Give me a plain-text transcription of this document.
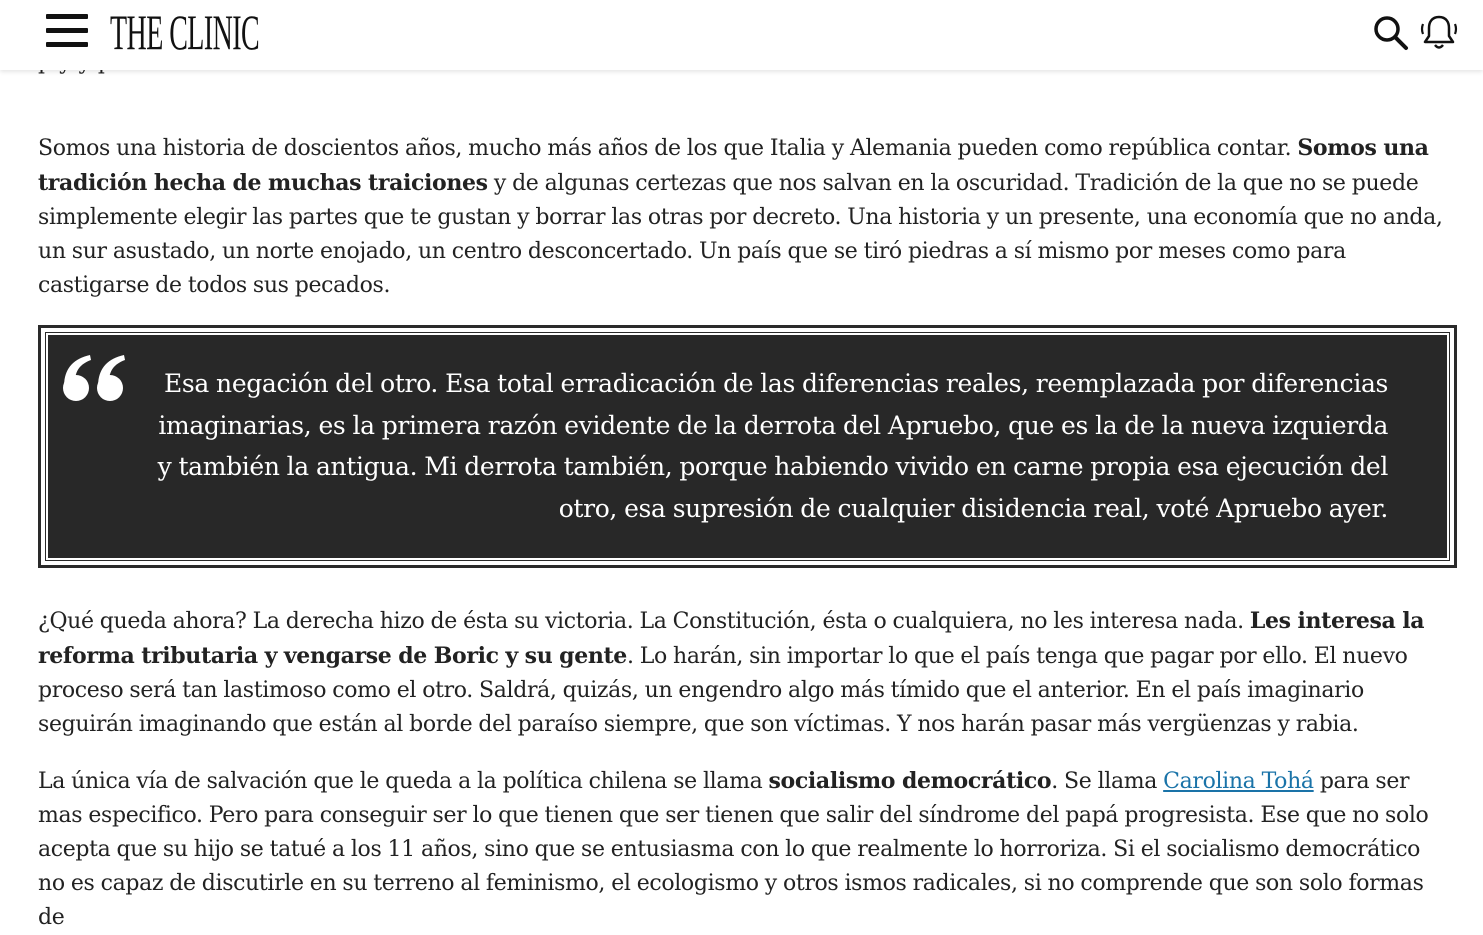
THE CLINIC

Somos una historia de doscientos años, mucho más años de los que Italia y Alemania pueden como república contar. Somos una tradición hecha de muchas traiciones y de algunas certezas que nos salvan en la oscuridad. Tradición de la que no se puede simplemente elegir las partes que te gustan y borrar las otras por decreto. Una historia y un presente, una economía que no anda, un sur asustado, un norte enojado, un centro desconcertado. Un país que se tiró piedras a sí mismo por meses como para castigarse de todos sus pecados.

Esa negación del otro. Esa total erradicación de las diferencias reales, reemplazada por diferencias imaginarias, es la primera razón evidente de la derrota del Apruebo, que es la de la nueva izquierda y también la antigua. Mi derrota también, porque habiendo vivido en carne propia esa ejecución del otro, esa supresión de cualquier disidencia real, voté Apruebo ayer.

¿Qué queda ahora? La derecha hizo de ésta su victoria. La Constitución, ésta o cualquiera, no les interesa nada. Les interesa la reforma tributaria y vengarse de Boric y su gente. Lo harán, sin importar lo que el país tenga que pagar por ello. El nuevo proceso será tan lastimoso como el otro. Saldrá, quizás, un engendro algo más tímido que el anterior. En el país imaginario seguirán imaginando que están al borde del paraíso siempre, que son víctimas. Y nos harán pasar más vergüenzas y rabia.

La única vía de salvación que le queda a la política chilena se llama socialismo democrático. Se llama Carolina Tohá para ser mas especifico. Pero para conseguir ser lo que tienen que ser tienen que salir del síndrome del papá progresista. Ese que no solo acepta que su hijo se tatué a los 11 años, sino que se entusiasma con lo que realmente lo horroriza. Si el socialismo democrático no es capaz de discutirle en su terreno al feminismo, el ecologismo y otros ismos radicales, si no comprende que son solo formas de
